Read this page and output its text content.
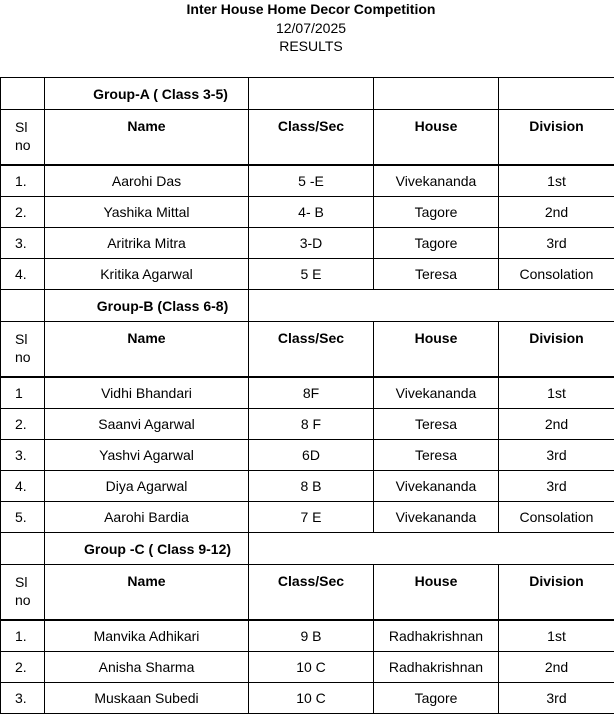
Inter House Home Decor Competition
12/07/2025
RESULTS
	Group-A ( Class 3-5)			
Sl no	Name	Class/Sec	House	Division
1.	Aarohi Das	5 -E	Vivekananda	1st
2.	Yashika Mittal	4- B	Tagore	2nd
3.	Aritrika Mitra	3-D	Tagore	3rd
4.	Kritika Agarwal	5 E	Teresa	Consolation
	Group-B (Class 6-8)			
Sl no	Name	Class/Sec	House	Division
1	Vidhi Bhandari	8F	Vivekananda	1st
2.	Saanvi Agarwal	8 F	Teresa	2nd
3.	Yashvi Agarwal	6D	Teresa	3rd
4.	Diya Agarwal	8 B	Vivekananda	3rd
5.	Aarohi Bardia	7 E	Vivekananda	Consolation
	Group -C ( Class 9-12)			
Sl no	Name	Class/Sec	House	Division
1.	Manvika Adhikari	9 B	Radhakrishnan	1st
2.	Anisha Sharma	10 C	Radhakrishnan	2nd
3.	Muskaan Subedi	10 C	Tagore	3rd
